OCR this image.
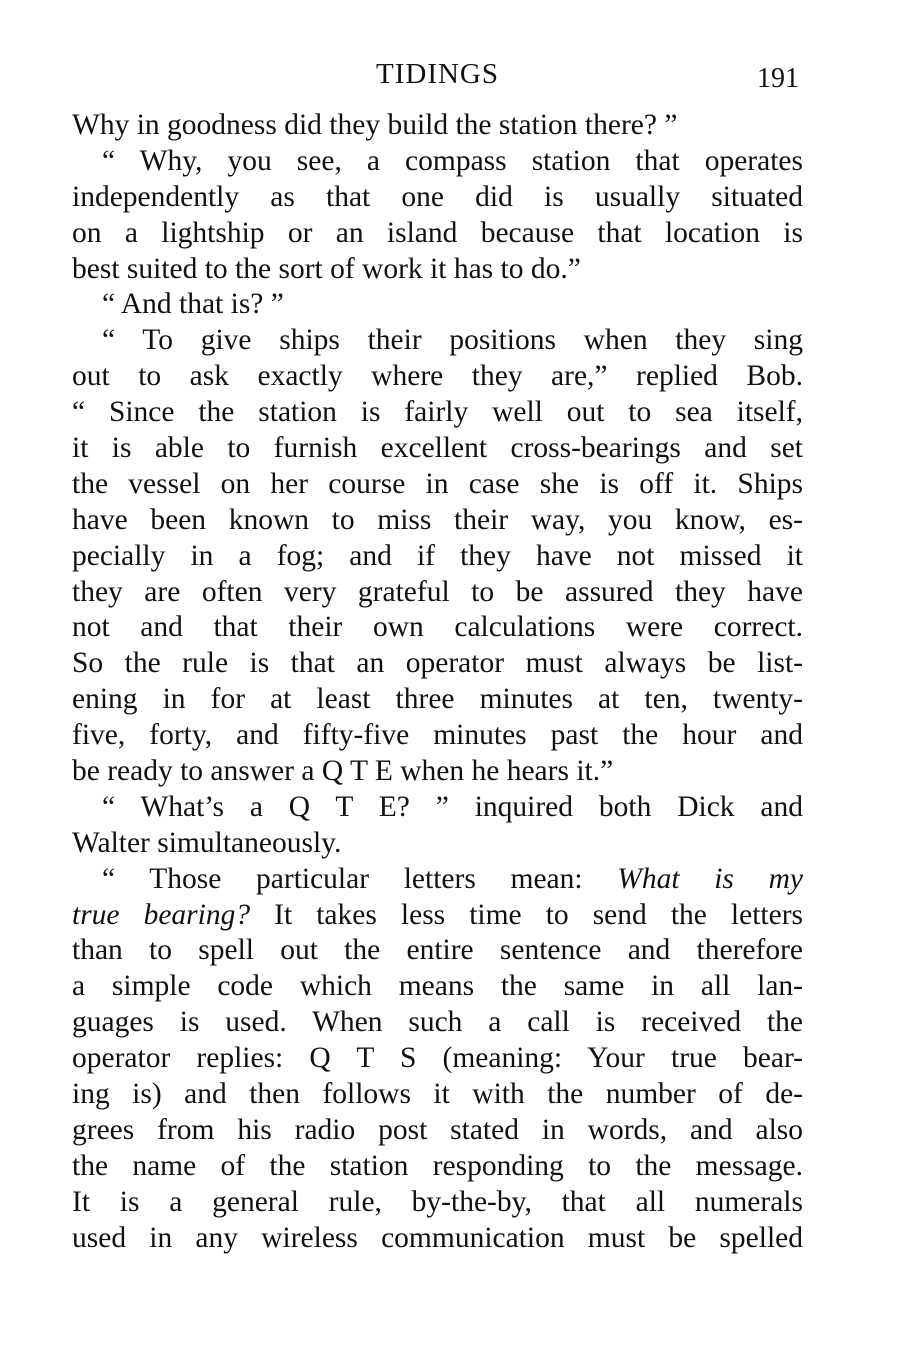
TIDINGS	191
Why in goodness did they build the station there? ”
“ Why, you see, a compass station that operates
independently as that one did is usually situated
on a lightship or an island because that location is
best suited to the sort of work it has to do.”
“ And that is? ”
“ To give ships their positions when they sing
out to ask exactly where they are,” replied Bob.
“ Since the station is fairly well out to sea itself,
it is able to furnish excellent cross-bearings and set
the vessel on her course in case she is off it. Ships
have been known to miss their way, you know, es-
pecially in a fog; and if they have not missed it
they are often very grateful to be assured they have
not and that their own calculations were correct.
So the rule is that an operator must always be list-
ening in for at least three minutes at ten, twenty-
five, forty, and fifty-five minutes past the hour and
be ready to answer a Q T E when he hears it.”
“ What’s a Q T E? ” inquired both Dick and
Walter simultaneously.
“ Those particular letters mean: What is my
true bearing? It takes less time to send the letters
than to spell out the entire sentence and therefore
a simple code which means the same in all lan-
guages is used. When such a call is received the
operator replies: Q T S (meaning: Your true bear-
ing is) and then follows it with the number of de-
grees from his radio post stated in words, and also
the name of the station responding to the message.
It is a general rule, by-the-by, that all numerals
used in any wireless communication must be spelled
